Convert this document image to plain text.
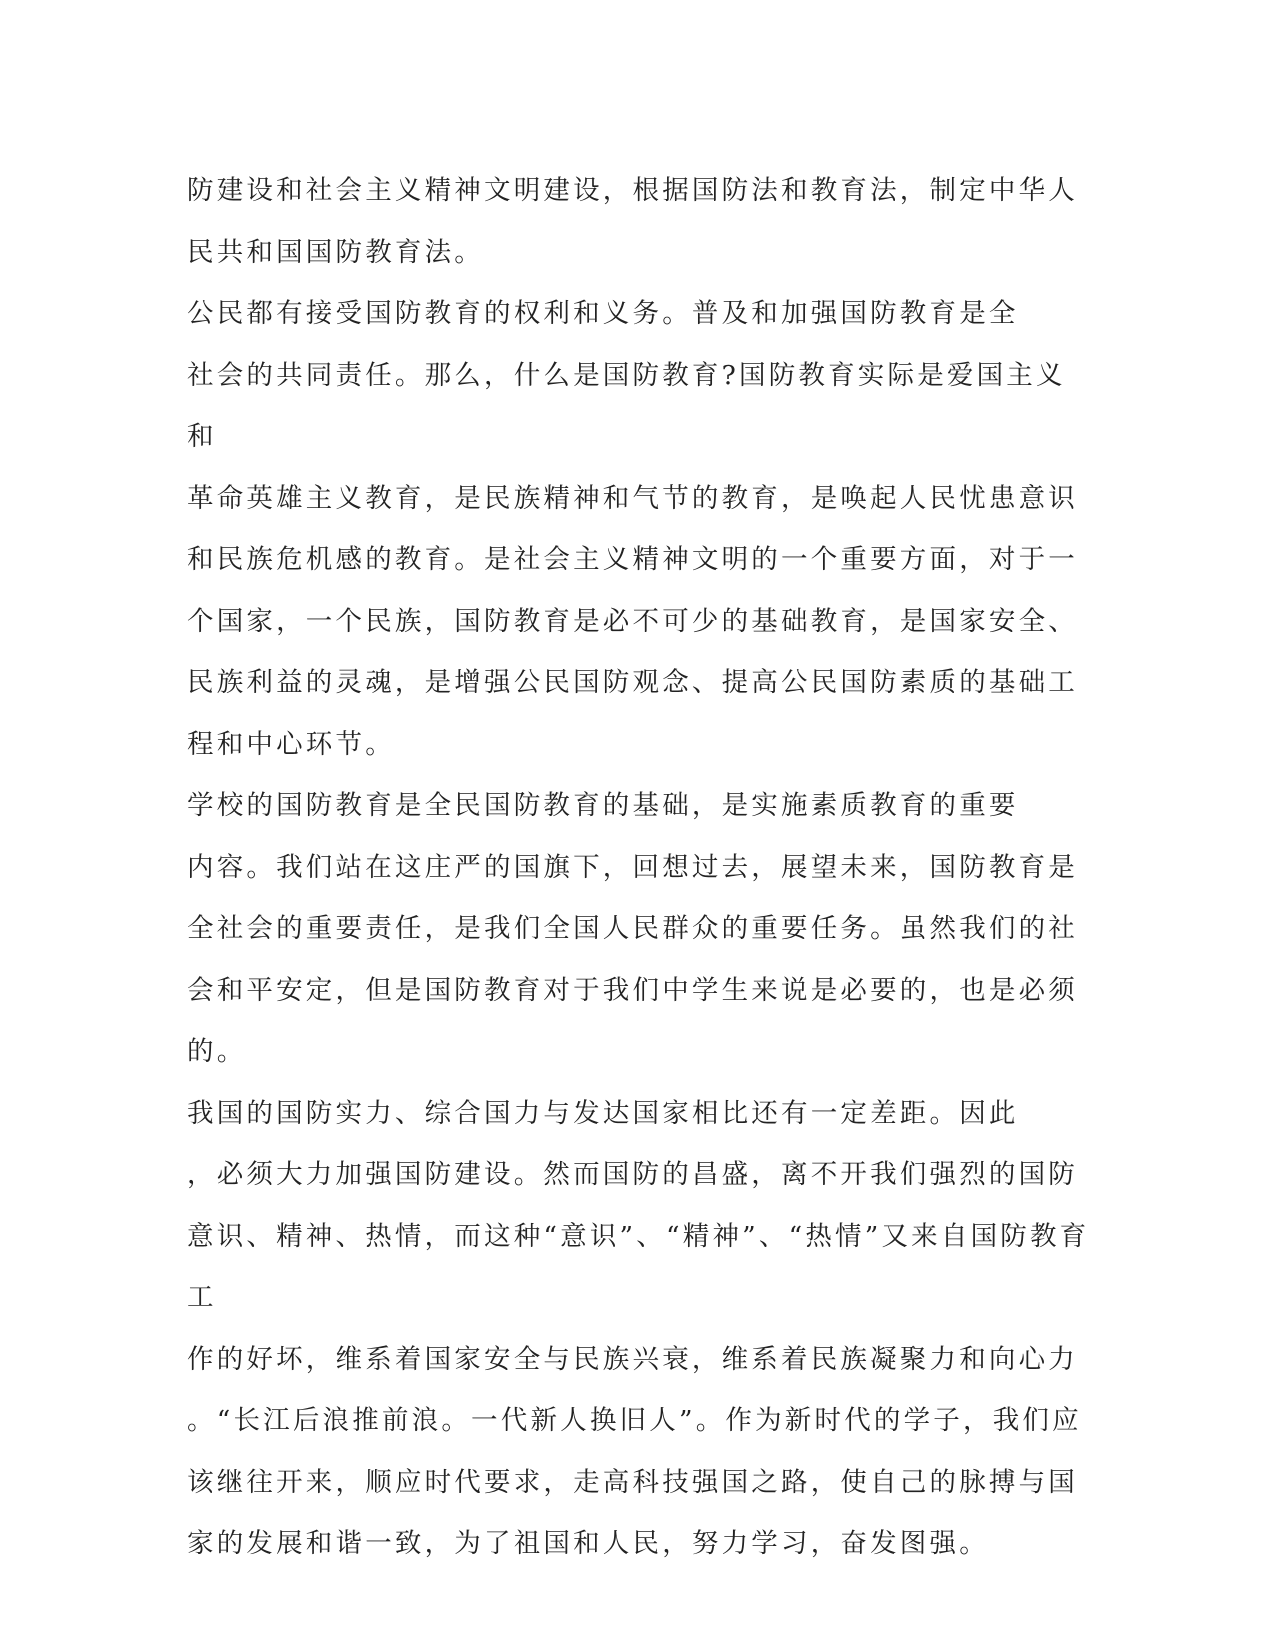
防建设和社会主义精神文明建设，根据国防法和教育法，制定中华人
民共和国国防教育法。

公民都有接受国防教育的权利和义务。普及和加强国防教育是全
社会的共同责任。那么，什么是国防教育?国防教育实际是爱国主义和
革命英雄主义教育，是民族精神和气节的教育，是唤起人民忧患意识
和民族危机感的教育。是社会主义精神文明的一个重要方面，对于一
个国家，一个民族，国防教育是必不可少的基础教育，是国家安全、
民族利益的灵魂，是增强公民国防观念、提高公民国防素质的基础工
程和中心环节。

学校的国防教育是全民国防教育的基础，是实施素质教育的重要
内容。我们站在这庄严的国旗下，回想过去，展望未来，国防教育是
全社会的重要责任，是我们全国人民群众的重要任务。虽然我们的社
会和平安定，但是国防教育对于我们中学生来说是必要的，也是必须
的。

我国的国防实力、综合国力与发达国家相比还有一定差距。因此
，必须大力加强国防建设。然而国防的昌盛，离不开我们强烈的国防
意识、精神、热情，而这种“意识”、“精神”、“热情”又来自国防教育工
作的好坏，维系着国家安全与民族兴衰，维系着民族凝聚力和向心力
。“长江后浪推前浪。一代新人换旧人”。作为新时代的学子，我们应
该继往开来，顺应时代要求，走高科技强国之路，使自己的脉搏与国
家的发展和谐一致，为了祖国和人民，努力学习，奋发图强。
